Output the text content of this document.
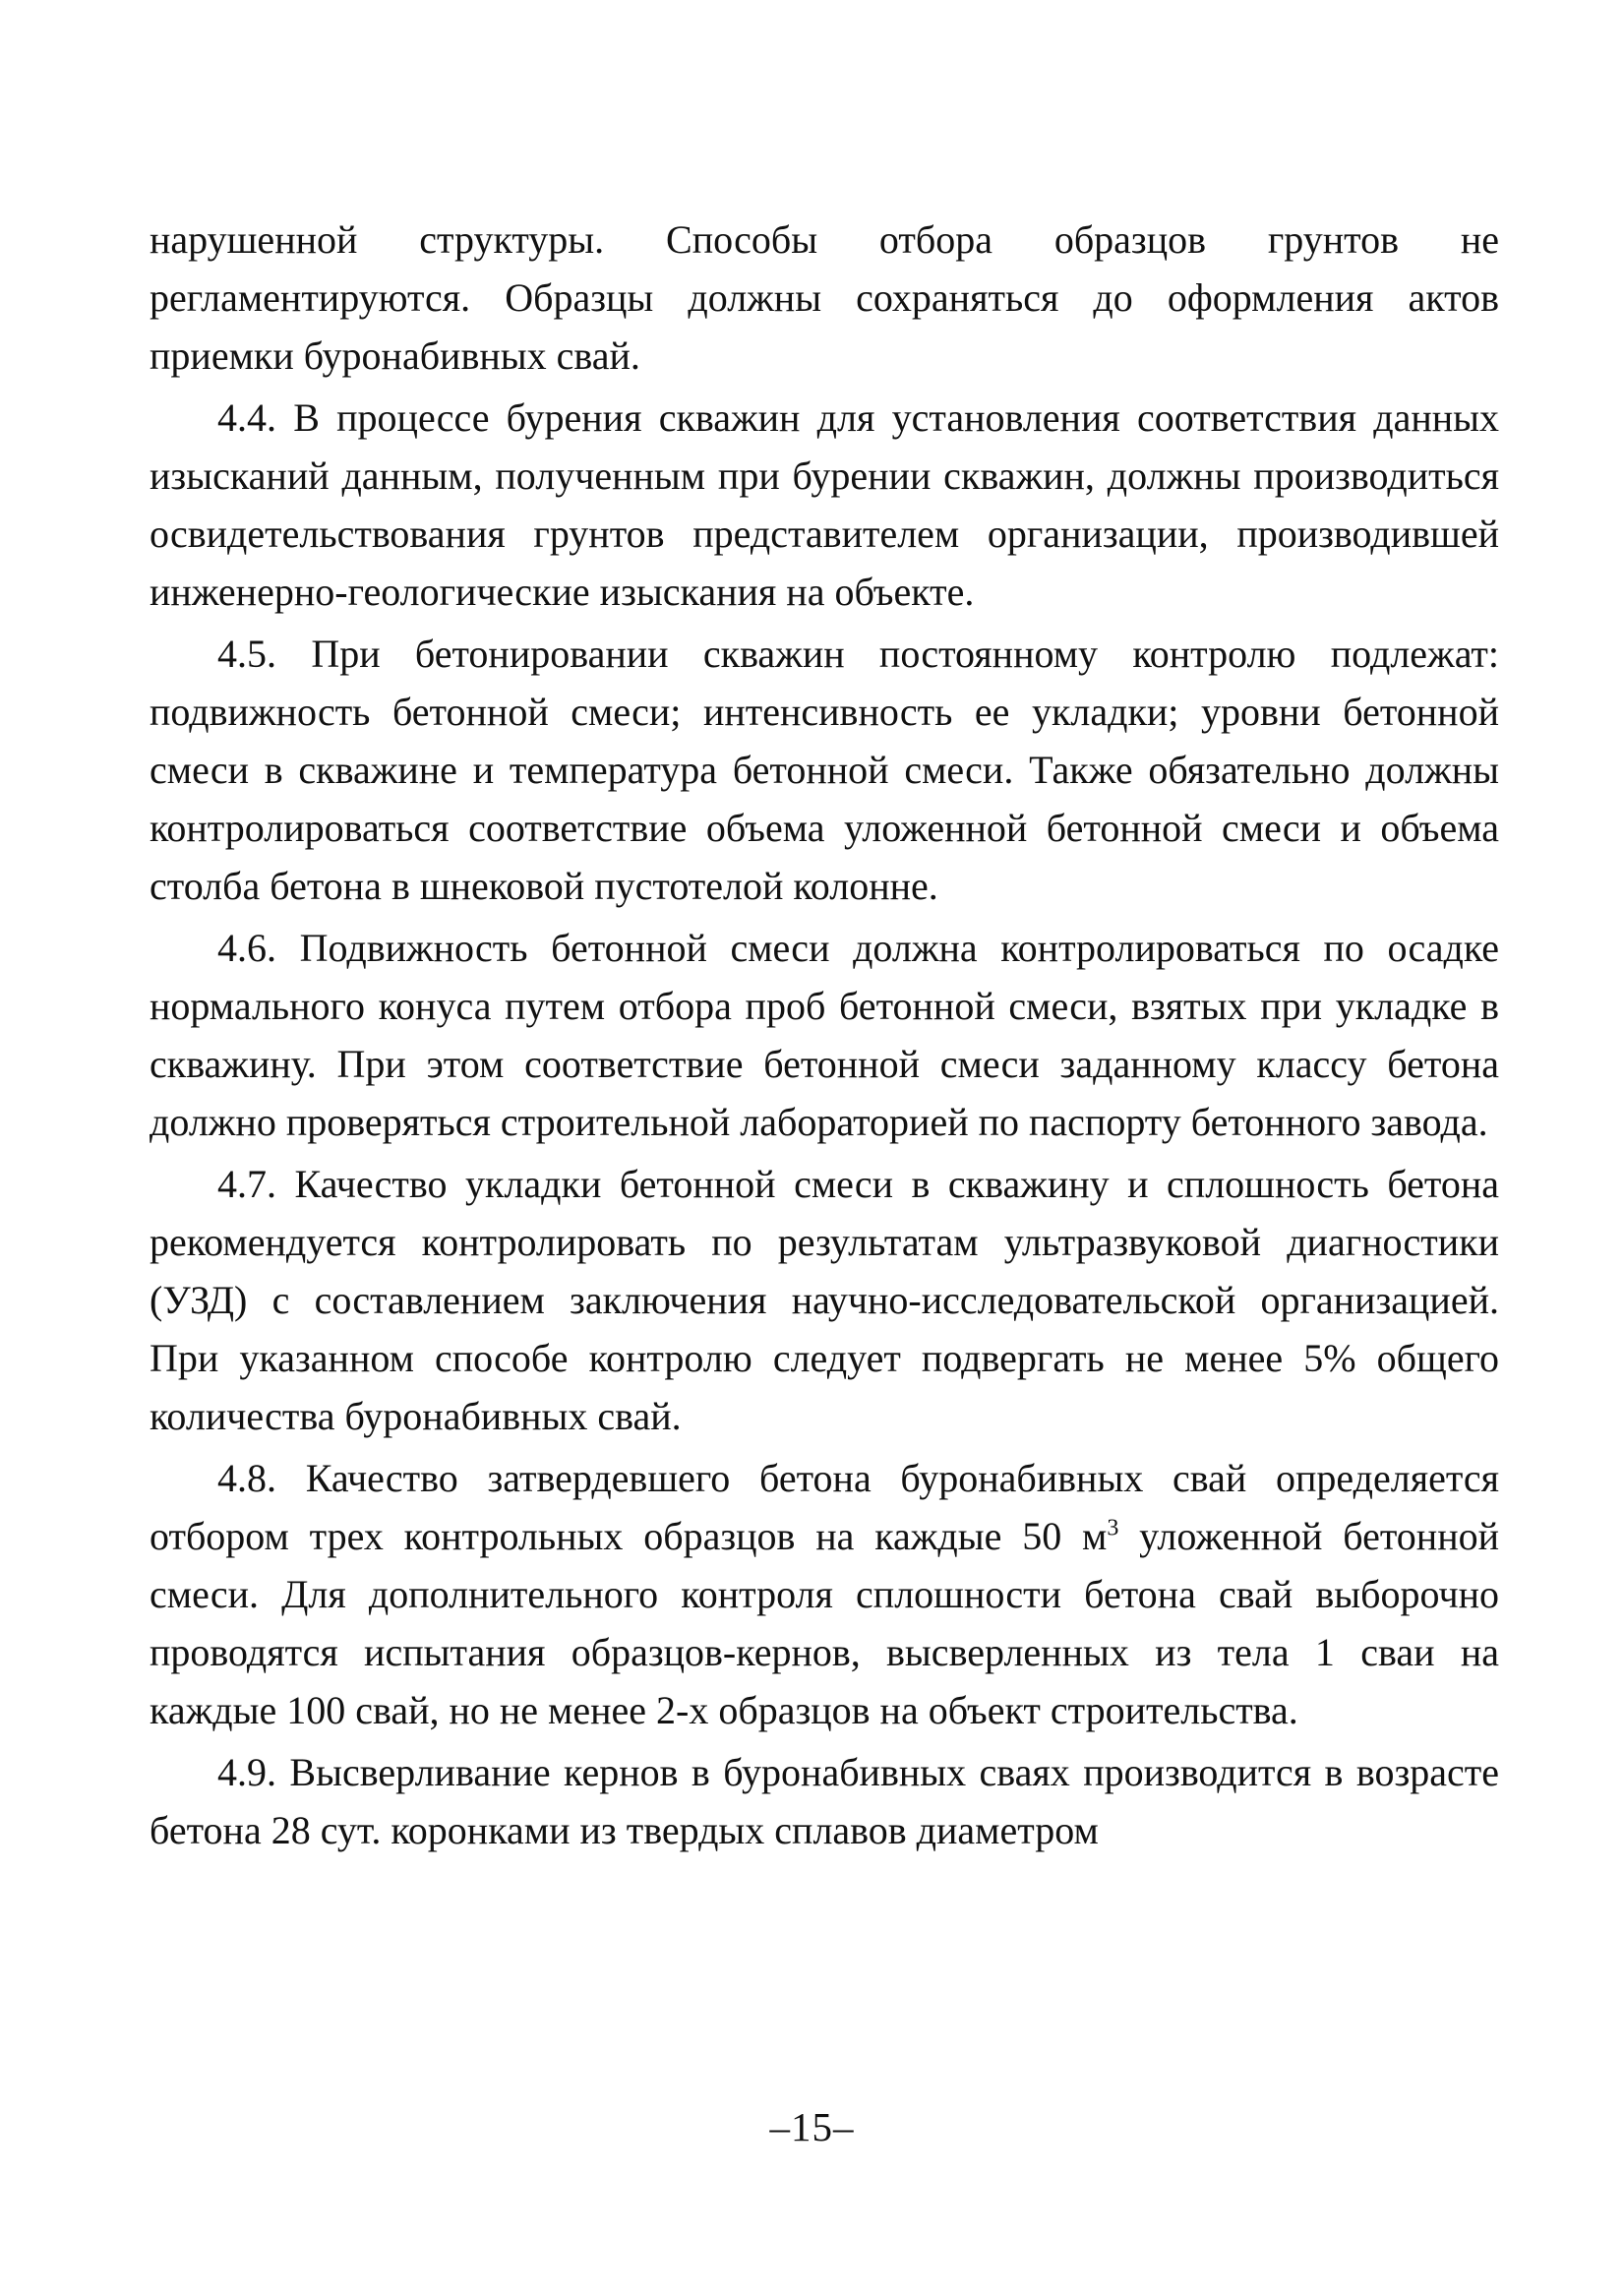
нарушенной структуры. Способы отбора образцов грунтов не регламентируются. Образцы должны сохраняться до оформления актов приемки буронабивных свай.

4.4. В процессе бурения скважин для установления соответствия данных изысканий данным, полученным при бурении скважин, должны производиться освидетельствования грунтов представителем организации, производившей инженерно-геологические изыскания на объекте.

4.5. При бетонировании скважин постоянному контролю подлежат: подвижность бетонной смеси; интенсивность ее укладки; уровни бетонной смеси в скважине и температура бетонной смеси. Также обязательно должны контролироваться соответствие объема уложенной бетонной смеси и объема столба бетона в шнековой пустотелой колонне.

4.6. Подвижность бетонной смеси должна контролироваться по осадке нормального конуса путем отбора проб бетонной смеси, взятых при укладке в скважину. При этом соответствие бетонной смеси заданному классу бетона должно проверяться строительной лабораторией по паспорту бетонного завода.

4.7. Качество укладки бетонной смеси в скважину и сплошность бетона рекомендуется контролировать по результатам ультразвуковой диагностики (УЗД) с составлением заключения научно-исследовательской организацией. При указанном способе контролю следует подвергать не менее 5% общего количества буронабивных свай.

4.8. Качество затвердевшего бетона буронабивных свай определяется отбором трех контрольных образцов на каждые 50 $м^3$ уложенной бетонной смеси. Для дополнительного контроля сплошности бетона свай выборочно проводятся испытания образцов-кернов, высверленных из тела 1 сваи на каждые 100 свай, но не менее 2-х образцов на объект строительства.

4.9. Высверливание кернов в буронабивных сваях производится в возрасте бетона 28 сут. коронками из твердых сплавов диаметром

–15–
